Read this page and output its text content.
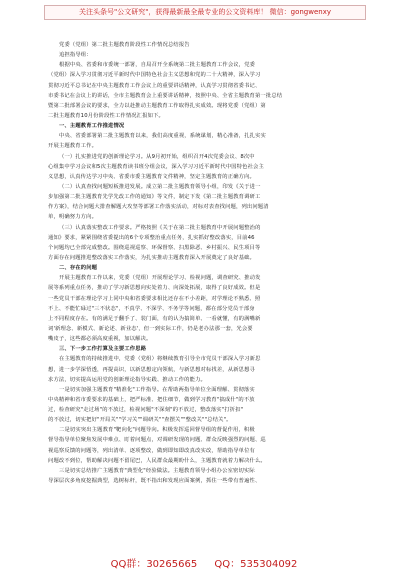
关注头条号"公文研究"，获得最新最全最专业的公文资料库！ 微信：gongwenxy
党委（党组）第二批主题教育阶段性工作情况总结报告
追担指导组：
根据中央、省委和市委统一部署，自局召开全系统第二批主题教育工作会议，党委
（党组）深入学习贯彻习近平新时代中国特色社会主义思想和党的二十大精神，深入学习
贯彻习近平总书记在中央主题教育工作会议上的重要讲话精神，认真学习贯彻省委书记、
市委书记在会议上的讲话，全市主题教育会上重要讲话精神，按照中央、全省主题教育第一批总结
暨第二批部署会议的要求，全力以赴推动主题教育工作取得扎实成效。现将党委（党组）第
二批主题教育10月份阶段性工作情况汇报如下。
一、主题教育工作推进情况
中央、省委部署第二批主题教育以来，我们高度重视，系统谋划，精心准备，扎扎实实
开展主题教育工作。
（一）扎实推进党的创新理论学习。从9月初开始，组织召开4次党委会议、8次中
心组集中学习会议和5次主题教育读书班分组会议，深入学习习近平新时代中国特色社会主
义思想，认真传达学习中央、省委市委主题教育文件精神，坚定主题教育的正确方向。
（二）认真查找问题短板推进发展。成立第二批主题教育领导小组，印发《关于进一
步加强第二批主题教育先学先改工作的通知》等文件，制定下发《第二批主题教育调研工
作方案》，结合问题大排查解题大攻坚等部署工作落实活动，对标对表查找问题，列出问题清
单，明确努力方向。
（三）认真落实整改工作要求。严格按照《关于在第二批主题教育中开展问题整治的
通知》要求，紧紧围绕省委提出的6个专项整治重点任务，扎实抓好整改落实，目前46
个问题均已全部完成整改。围绕巡视巡察、环保督察、扫黑除恶、乡村振兴、民生项目等
方面存在问题推进整改落实工作落实，为扎实推动主题教育深入开展奠定了良好基础。
二、存在的问题
开展主题教育工作以来，党委（党组）开展理论学习、检视问题，调查研究、推动发
展等系列重点任务，推动了学习新思想向实处着力、向深处拓展，取得了良好成效。但是
一些党员干部在理论学习上同中央和省委要求相比还存在不小差距，对学理论不熟悉、照
不上、不能忙碌过"三不状态"，不真学、不深学、不务学等问题，都在部分党员干部身
上不同程度存在。有的满足于翻手了、装门面，有的认为搞简单、一看就懂，有的满嘴新
词'新理念、新模式、新论述、新业态'，但一到实际工作，仍是老办法那一套，光会要
嘴皮子，这些都必须高度重视，加以解决。
三、下一步工作打算及主要工作思路
在主题教育的持续推进中，党委（党组）将继续教育引导全市党员干部深入学习新思
想，进一步学深悟透，再提高识，以新思想定向领航，与新思想对标找差，从新思想寻
求方法，切实提高运用党的创新理论指导实践、推动工作的能力。
一是切实加强主题教育"精准化"工作指导。在帮助两指导单位全面理解、贯彻落实
中央精神和省市委要求的基础上，把严标准、把住细节，做到学习教育"搞成什"的不放
过，检查研究"走过场"的不放过，检视问题"不深刻"的不放过，整改落实"打折扣"
的不放过，切实把好"开局关""学习关""调研关""查摆关""整改关""总结关"。
二是切实突出主题教育"靶向化"问题导向。积极发挥巡回督导组的督促作用，积极
督导指导单位聚焦发展中难点、盯着问题点，对调研发现的问题、群众反映强烈的问题、巡
视巡察反馈的问题等，列出清单、逐项整改，做到即知即改真改实改，帮助指导单位有
问题改不到位，帮助解决问题不留尾巴，人民群众最期盼什么，主题教育就着力解决什么。
三是切实总结推广主题教育"典型化"经验做法。主题教育领导小组办公室密切实际
导深层次多角度挖掘典型，选树标杆，既不指出和发现应面案例，抓住一些带有普遍性、
QQ群：30265665 QQ：535304092
